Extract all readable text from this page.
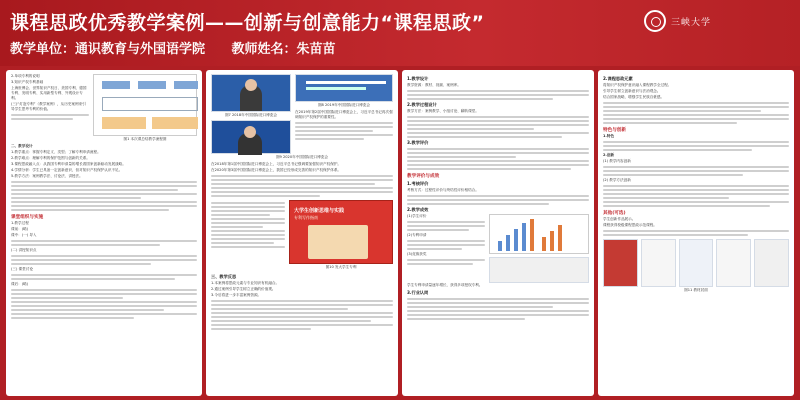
课程思政优秀教学案例——创新与创意能力“课程思政”
教学单位：通识教育与外国语学院 教师姓名：朱苗苗
三峡大学

2.单项专利的说明

3.知识产权专利基础

上海世博会、世界知识产权日、美国专利、德国专利、发明专利、实用新型专利、外观设计专利。

(三)“灯泡专利”（教学案例），从历史案例来引导学生思考专利的价值。

图1 本次课总结教学流程图

二、教学设计

1.教学重点：掌握专利定义、类型；了解专利申请流程。

2.教学难点：理解专利的保护范围与创新的关系。

3.课程思政融入点：从我国专利申请量的增长看国家创新驱动发展战略。

4.学情分析：学生已具备一定创新意识，但对知识产权保护认识不足。

5.教学方法：案例教学法、讨论法、讲授法。

课堂组织与实施

1.教学过程

课前：(略)

课中：(一) 导入

(二) 讲授知识点

(三) 课堂讨论

课后：(略)

图7 2018年中国国际进口博览会
图8 2019年中国国际进口博览会

在2019年第2届中国国际进口博览会上，习近平总书记再次强调知识产权保护的重要性。

图9 2020年中国国际进口博览会

在2018年第1届中国国际进口博览会上，习近平总书记强调要加强知识产权保护。

在2020年第3届中国国际进口博览会上，我国已经形成完善的知识产权保护体系。

大学生创新思维与实践
专利写作指南
图10 发大学生专利
三、教学反思

1.本案例将思政元素与专业知识有机融合。

2.通过案例引导学生树立正确的价值观。

3.今后将进一步丰富案例资源。

1.教学设计

教学资源：教材、视频、案例库。

2.教学过程设计

教学方法：案例教学、小组讨论、翻转课堂。

3.教学评价
教学评价与成效
1.考核评价

考核方式：过程性评价与终结性评价相结合。

2.教学成效

(1)学生评价

(2)专利申请

(3)竞赛获奖

学生专利申请量逐年增长，获得多项授权专利。

3.行业认同
2.课程思政元素

将知识产权保护意识融入课程教学全过程。

引导学生树立创新意识与法治观念。

结合国家战略，增强学生民族自豪感。

特色与创新

1.特色

2.创新

(1) 教学内容创新

(2) 教学方法创新

其他(可选)

学生创新作品展示。

课程获得校级课程思政示范课程。

图11 教材封面
